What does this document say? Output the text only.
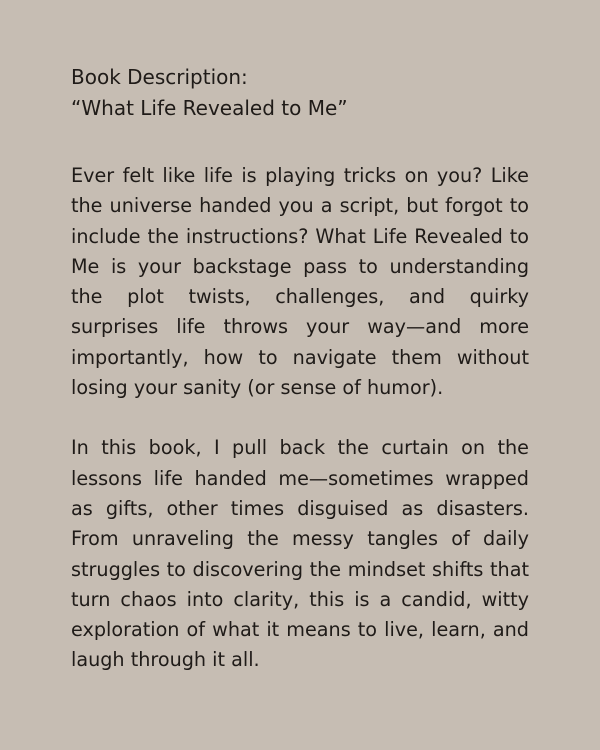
Book Description:
“What Life Revealed to Me”

Ever felt like life is playing tricks on you? Like the universe handed you a script, but forgot to include the instructions? What Life Revealed to Me is your backstage pass to understanding the plot twists, challenges, and quirky surprises life throws your way—and more importantly, how to navigate them without losing your sanity (or sense of humor).

In this book, I pull back the curtain on the lessons life handed me—sometimes wrapped as gifts, other times disguised as disasters. From unraveling the messy tangles of daily struggles to discovering the mindset shifts that turn chaos into clarity, this is a candid, witty exploration of what it means to live, learn, and laugh through it all.
